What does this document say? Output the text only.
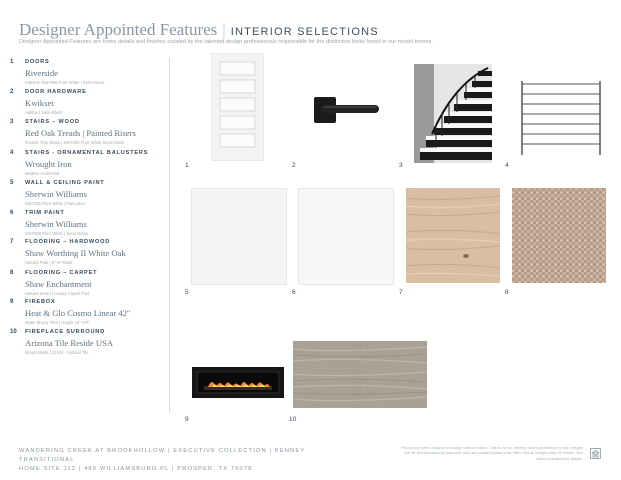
Designer Appointed Features | INTERIOR SELECTIONS
Designer Appointed Features are home details and finishes curated by the talented design professionals responsible for the distinctive looks found in our model homes.
1 DOORS
Riverside
Painted: SW7006 Pure White | Semi-Gloss
2 DOOR HARDWARE
Kwikset
Halifax | Satin Black
3 STAIRS – WOOD
Red Oak Treads | Painted Risers
Treads: True Black | SW7006 Pure White Semi-Gloss
4 STAIRS - ORNAMENTAL BALUSTERS
Wrought Iron
Modern Horizontal
5 WALL & CEILING PAINT
Sherwin Williams
SW7035 Pure White | Flat Latex
6 TRIM PAINT
Sherwin Williams
SW7005 Pure White | Semi-Gloss
7 FLOORING – HARDWOOD
Shaw Worthing II White Oak
Natural Park | 9" W Plank
8 FLOORING – CARPET
Shaw Enchantment
Natural Wood | Luxury Carpet Pad
9 FIREBOX
Heat & Glo Cosmo Linear 42"
Matte Ebony Trim | Height 18" AFF
10 FIREPLACE SURROUND
Arizona Tile Reside USA
Brown Matte | 12x24 - Vertical Tile
1	2	3	4
5	6	7	8
9	10
WANDERING CREEK AT BROOKHOLLOW | EXECUTIVE COLLECTION | KENNEY
TRANSITIONAL
HOME SITE 112 | 480 WILLIAMSBURG PL | PROSPER, TX 75078
Prices and offers subject to change without notice. This is not an offering where prohibited by law. Images are for representational purposes only and actual product may differ. Not all images may be shown. See sales consultant for details.
